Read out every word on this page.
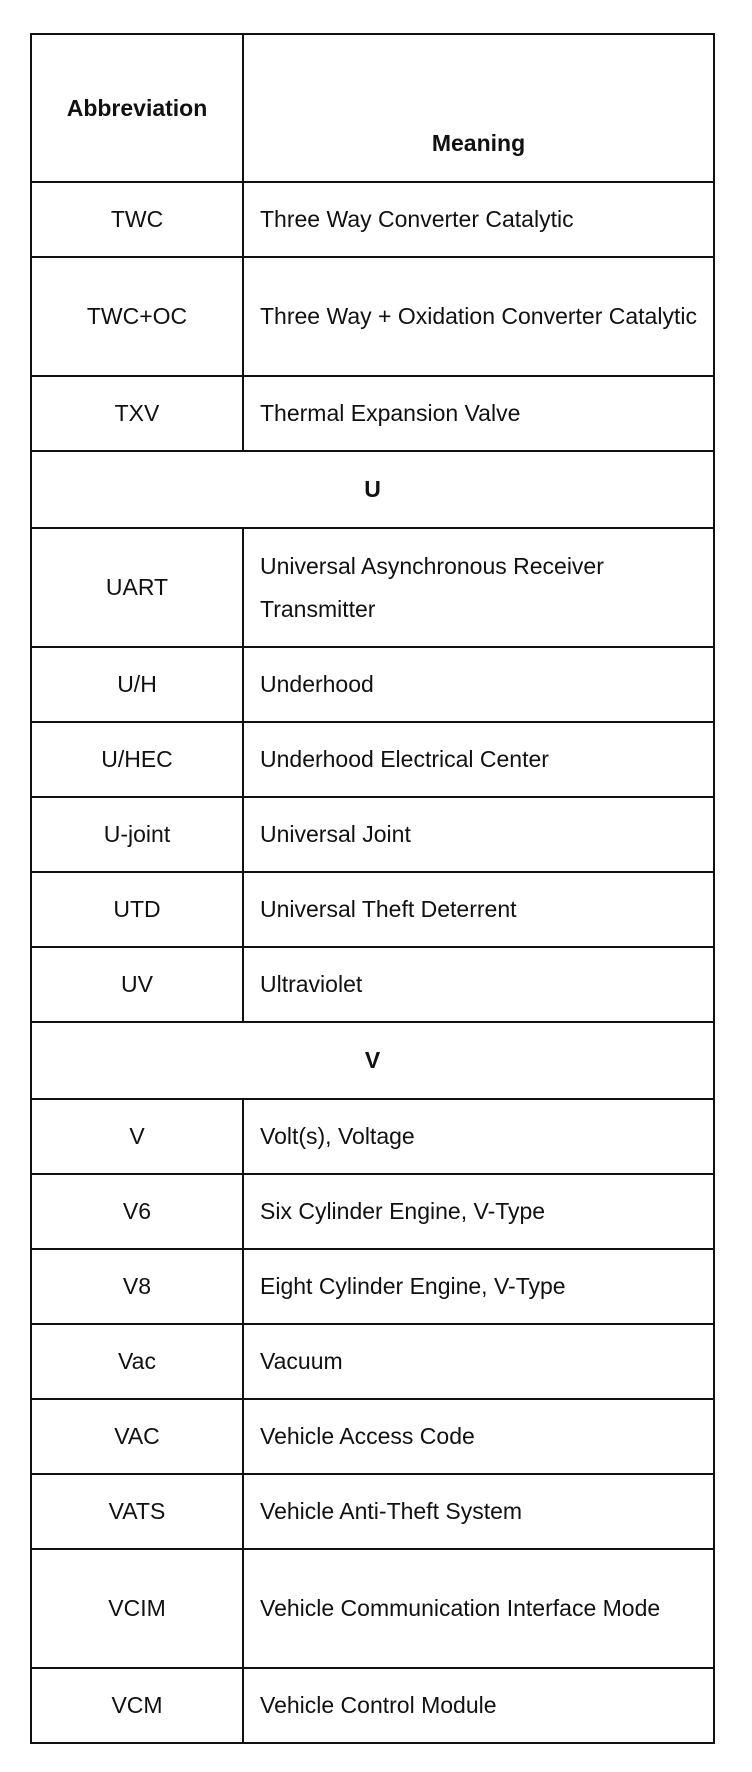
Abbreviation	Meaning
TWC	Three Way Converter Catalytic
TWC+OC	Three Way + Oxidation Converter Catalytic
TXV	Thermal Expansion Valve
U	
UART	Universal Asynchronous Receiver Transmitter
U/H	Underhood
U/HEC	Underhood Electrical Center
U-joint	Universal Joint
UTD	Universal Theft Deterrent
UV	Ultraviolet
V	
V	Volt(s), Voltage
V6	Six Cylinder Engine, V-Type
V8	Eight Cylinder Engine, V-Type
Vac	Vacuum
VAC	Vehicle Access Code
VATS	Vehicle Anti-Theft System
VCIM	Vehicle Communication Interface Mode
VCM	Vehicle Control Module
